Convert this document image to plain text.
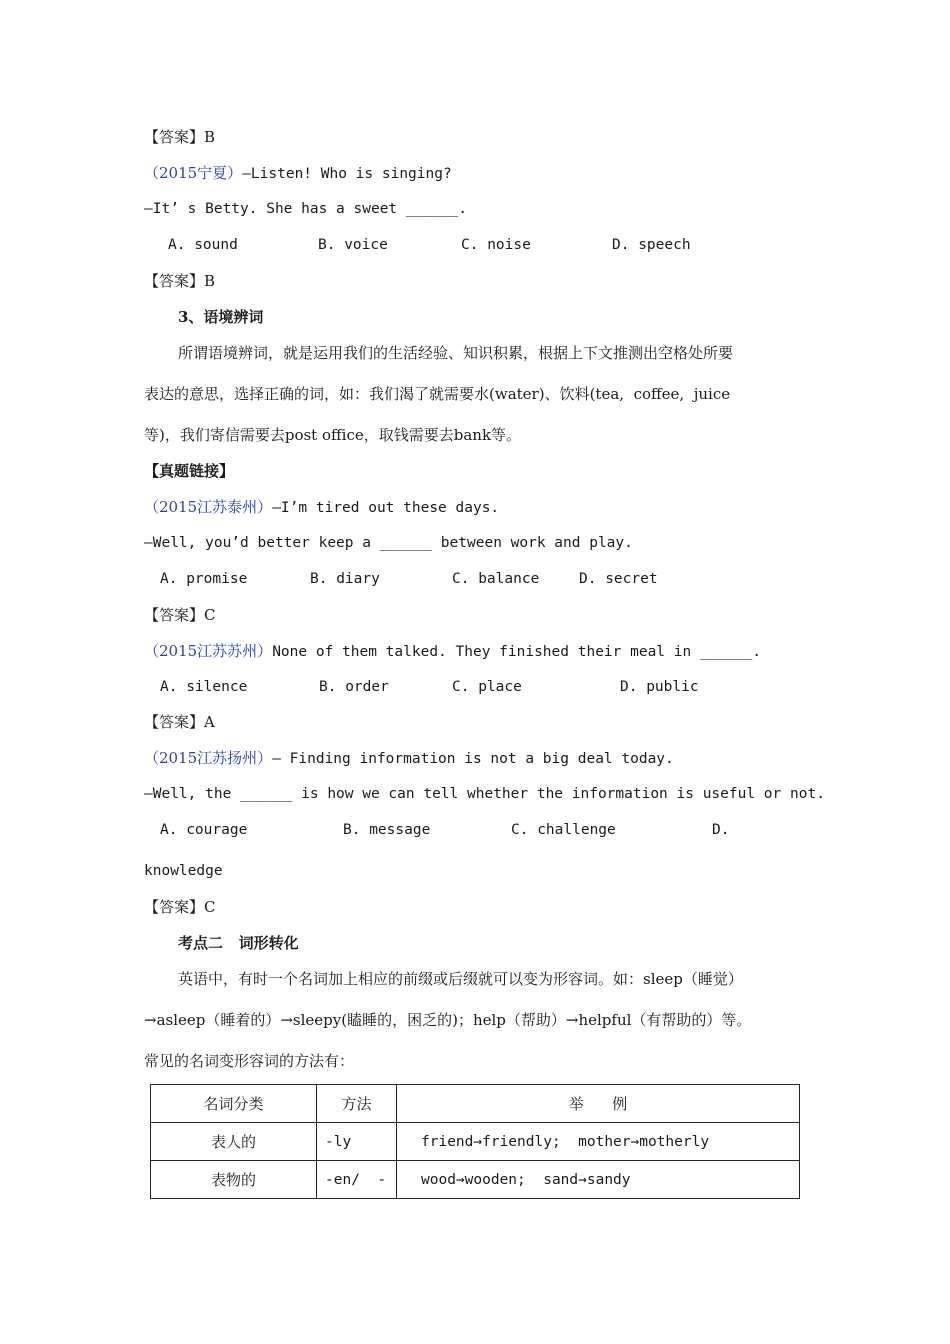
【答案】B
（2015宁夏）—Listen! Who is singing?
—It’ s Betty. She has a sweet ______.
A. sound	B. voice	C. noise	D. speech
【答案】B
3、语境辨词
所谓语境辨词，就是运用我们的生活经验、知识积累，根据上下文推测出空格处所要
表达的意思，选择正确的词，如：我们渴了就需要水(water)、饮料(tea,  coffee,  juice
等)，我们寄信需要去post office，取钱需要去bank等。
【真题链接】
（2015江苏泰州）—I’m tired out these days.
—Well, you’d better keep a ______ between work and play.
A. promise	B. diary	C. balance	D. secret
【答案】C
（2015江苏苏州）None of them talked. They finished their meal in ______.
A. silence	B. order	C. place	D. public
【答案】A
（2015江苏扬州）— Finding information is not a big deal today.
—Well, the ______ is how we can tell whether the information is useful or not.
A. courage	B. message	C. challenge	D.
knowledge
【答案】C
考点二   词形转化
英语中，有时一个名词加上相应的前缀或后缀就可以变为形容词。如：sleep（睡觉）
→asleep（睡着的）→sleepy(瞌睡的，困乏的)；help（帮助）→helpful（有帮助的）等。
常见的名词变形容词的方法有：
名词分类	方法	举      例
表人的	-ly	friend→friendly;  mother→motherly
表物的	-en/  -	wood→wooden;  sand→sandy
